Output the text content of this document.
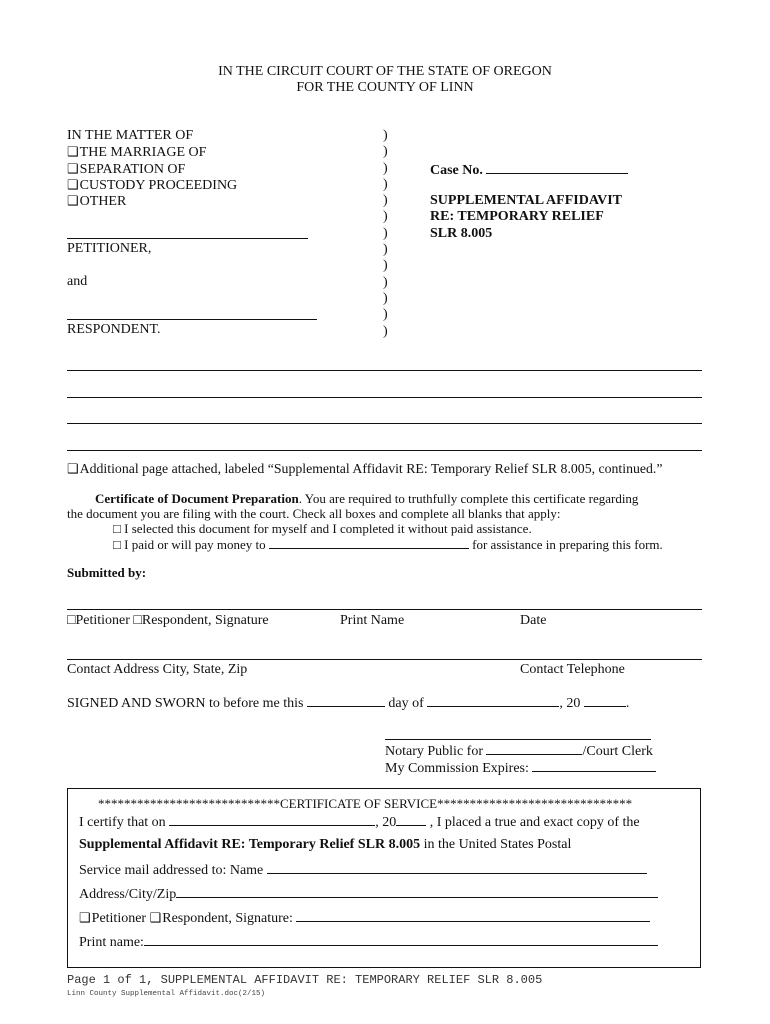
IN THE CIRCUIT COURT OF THE STATE OF OREGON
FOR THE COUNTY OF LINN
IN THE MATTER OF
❑THE MARRIAGE OF
❑SEPARATION OF
❑CUSTODY PROCEEDING
❑OTHER
PETITIONER,
and
RESPONDENT.
)
)
)
)
)
)
)
)
)
)
)
)
)
Case No.
SUPPLEMENTAL AFFIDAVIT
RE: TEMPORARY RELIEF
SLR 8.005
❑Additional page attached, labeled “Supplemental Affidavit RE: Temporary Relief SLR 8.005, continued.”
Certificate of Document Preparation. You are required to truthfully complete this certificate regarding
the document you are filing with the court. Check all boxes and complete all blanks that apply:
□ I selected this document for myself and I completed it without paid assistance.
□ I paid or will pay money to	for assistance in preparing this form.
Submitted by:
□Petitioner □Respondent, Signature	Print Name	Date
Contact Address City, State, Zip	Contact Telephone
SIGNED AND SWORN to before me this	day of	, 20	.
Notary Public for	/Court Clerk
My Commission Expires:
****************************CERTIFICATE OF SERVICE******************************
I certify that on	, 20 , I placed a true and exact copy of the
Supplemental Affidavit RE: Temporary Relief SLR 8.005 in the United States Postal
Service mail addressed to: Name
Address/City/Zip
❑Petitioner ❑Respondent, Signature:
Print name:
Page 1 of 1, SUPPLEMENTAL AFFIDAVIT RE: TEMPORARY RELIEF SLR 8.005
Linn County Supplemental Affidavit.doc(2/15)
